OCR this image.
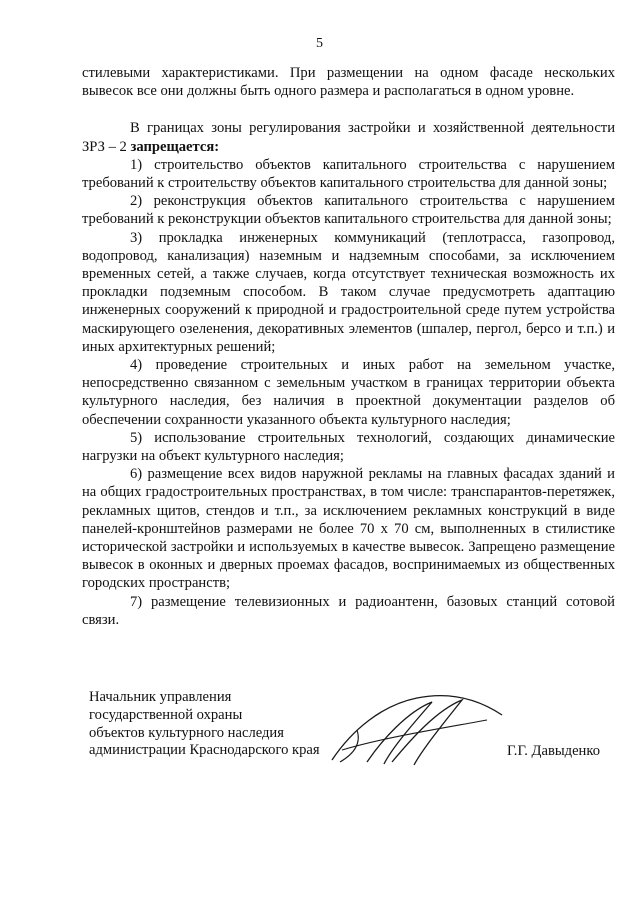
5

стилевыми характеристиками. При размещении на одном фасаде нескольких вывесок все они должны быть одного размера и располагаться в одном уровне.

В границах зоны регулирования застройки и хозяйственной деятельности ЗРЗ – 2 запрещается:

1) строительство объектов капитального строительства с нарушением требований к строительству объектов капитального строительства для данной зоны;

2) реконструкция объектов капитального строительства с нарушением требований к реконструкции объектов капитального строительства для данной зоны;

3) прокладка инженерных коммуникаций (теплотрасса, газопровод, водопровод, канализация) наземным и надземным способами, за исключением временных сетей, а также случаев, когда отсутствует техническая возможность их прокладки подземным способом. В таком случае предусмотреть адаптацию инженерных сооружений к природной и градостроительной среде путем устройства маскирующего озеленения, декоративных элементов (шпалер, пергол, берсо и т.п.) и иных архитектурных решений;

4) проведение строительных и иных работ на земельном участке, непосредственно связанном с земельным участком в границах территории объекта культурного наследия, без наличия в проектной документации разделов об обеспечении сохранности указанного объекта культурного наследия;

5) использование строительных технологий, создающих динамические нагрузки на объект культурного наследия;

6) размещение всех видов наружной рекламы на главных фасадах зданий и на общих градостроительных пространствах, в том числе: транспарантов-перетяжек, рекламных щитов, стендов и т.п., за исключением рекламных конструкций в виде панелей-кронштейнов размерами не более 70 х 70 см, выполненных в стилистике исторической застройки и используемых в качестве вывесок. Запрещено размещение вывесок в оконных и дверных проемах фасадов, воспринимаемых из общественных городских пространств;

7) размещение телевизионных и радиоантенн, базовых станций сотовой связи.

Начальник управления
государственной охраны
объектов культурного наследия
администрации Краснодарского края	Г.Г. Давыденко
